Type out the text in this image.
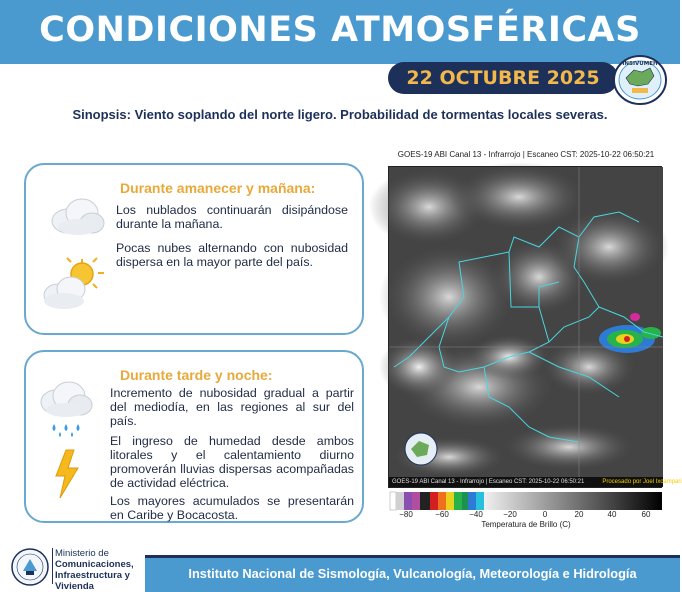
CONDICIONES ATMOSFÉRICAS
22 OCTUBRE 2025
INSIVUMEH
Sinopsis: Viento soplando del norte ligero. Probabilidad de tormentas locales severas.
Durante amanecer y mañana:
Los nublados continuarán disipándose durante la mañana.
Pocas nubes alternando con nubosidad dispersa en la mayor parte del país.
Durante tarde y noche:
Incremento de nubosidad gradual a partir del mediodía, en las regiones al sur del país.
El ingreso de humedad desde ambos litorales y el calentamiento diurno promoverán lluvias dispersas acompañadas de actividad eléctrica.
Los mayores acumulados se presentarán en Caribe y Bocacosta.
GOES-19 ABI Canal 13 - Infrarrojo | Escaneo CST: 2025-10-22 06:50:21
GOES-19 ABI Canal 13 - Infrarrojo | Escaneo CST: 2025-10-22 06:50:21	Procesado por Joel Ixcampari
−80	−60	−40	−20	0	20	40	60
Temperatura de Brillo (C)
Ministerio de
Comunicaciones,
Infraestructura y
Vivienda
Instituto Nacional de Sismología, Vulcanología, Meteorología e Hidrología
